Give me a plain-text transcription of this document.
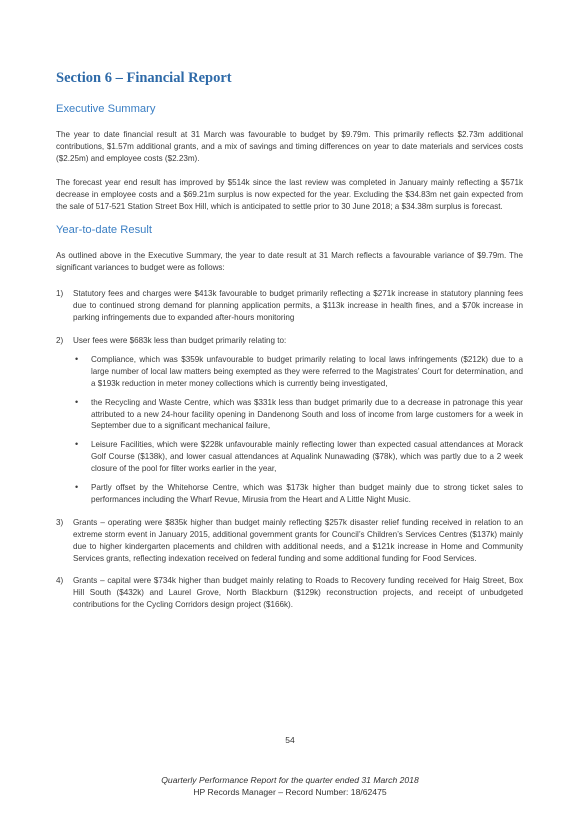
Section 6 – Financial Report
Executive Summary

The year to date financial result at 31 March was favourable to budget by $9.79m. This primarily reflects $2.73m additional contributions, $1.57m additional grants, and a mix of savings and timing differences on year to date materials and services costs ($2.25m) and employee costs ($2.23m).

The forecast year end result has improved by $514k since the last review was completed in January mainly reflecting a $571k decrease in employee costs and a $69.21m surplus is now expected for the year. Excluding the $34.83m net gain expected from the sale of 517-521 Station Street Box Hill, which is anticipated to settle prior to 30 June 2018; a $34.38m surplus is forecast.

Year-to-date Result

As outlined above in the Executive Summary, the year to date result at 31 March reflects a favourable variance of $9.79m. The significant variances to budget were as follows:

1) Statutory fees and charges were $413k favourable to budget primarily reflecting a $271k increase in statutory planning fees due to continued strong demand for planning application permits, a $113k increase in health fines, and a $70k increase in parking infringements due to expanded after-hours monitoring
2) User fees were $683k less than budget primarily relating to:
• Compliance, which was $359k unfavourable to budget primarily relating to local laws infringements ($212k) due to a large number of local law matters being exempted as they were referred to the Magistrates’ Court for determination, and a $193k reduction in meter money collections which is currently being investigated,
• the Recycling and Waste Centre, which was $331k less than budget primarily due to a decrease in patronage this year attributed to a new 24-hour facility opening in Dandenong South and loss of income from large customers for a week in September due to a significant mechanical failure,
• Leisure Facilities, which were $228k unfavourable mainly reflecting lower than expected casual attendances at Morack Golf Course ($138k), and lower casual attendances at Aqualink Nunawading ($78k), which was partly due to a 2 week closure of the pool for filter works earlier in the year,
• Partly offset by the Whitehorse Centre, which was $173k higher than budget mainly due to strong ticket sales to performances including the Wharf Revue, Mirusia from the Heart and A Little Night Music.
3) Grants – operating were $835k higher than budget mainly reflecting $257k disaster relief funding received in relation to an extreme storm event in January 2015, additional government grants for Council’s Children’s Services Centres ($137k) mainly due to higher kindergarten placements and children with additional needs, and a $121k increase in Home and Community Services grants, reflecting indexation received on federal funding and some additional funding for Food Services.
4) Grants – capital were $734k higher than budget mainly relating to Roads to Recovery funding received for Haig Street, Box Hill South ($432k) and Laurel Grove, North Blackburn ($129k) reconstruction projects, and receipt of unbudgeted contributions for the Cycling Corridors design project ($166k).
54
Quarterly Performance Report for the quarter ended 31 March 2018
HP Records Manager – Record Number: 18/62475
